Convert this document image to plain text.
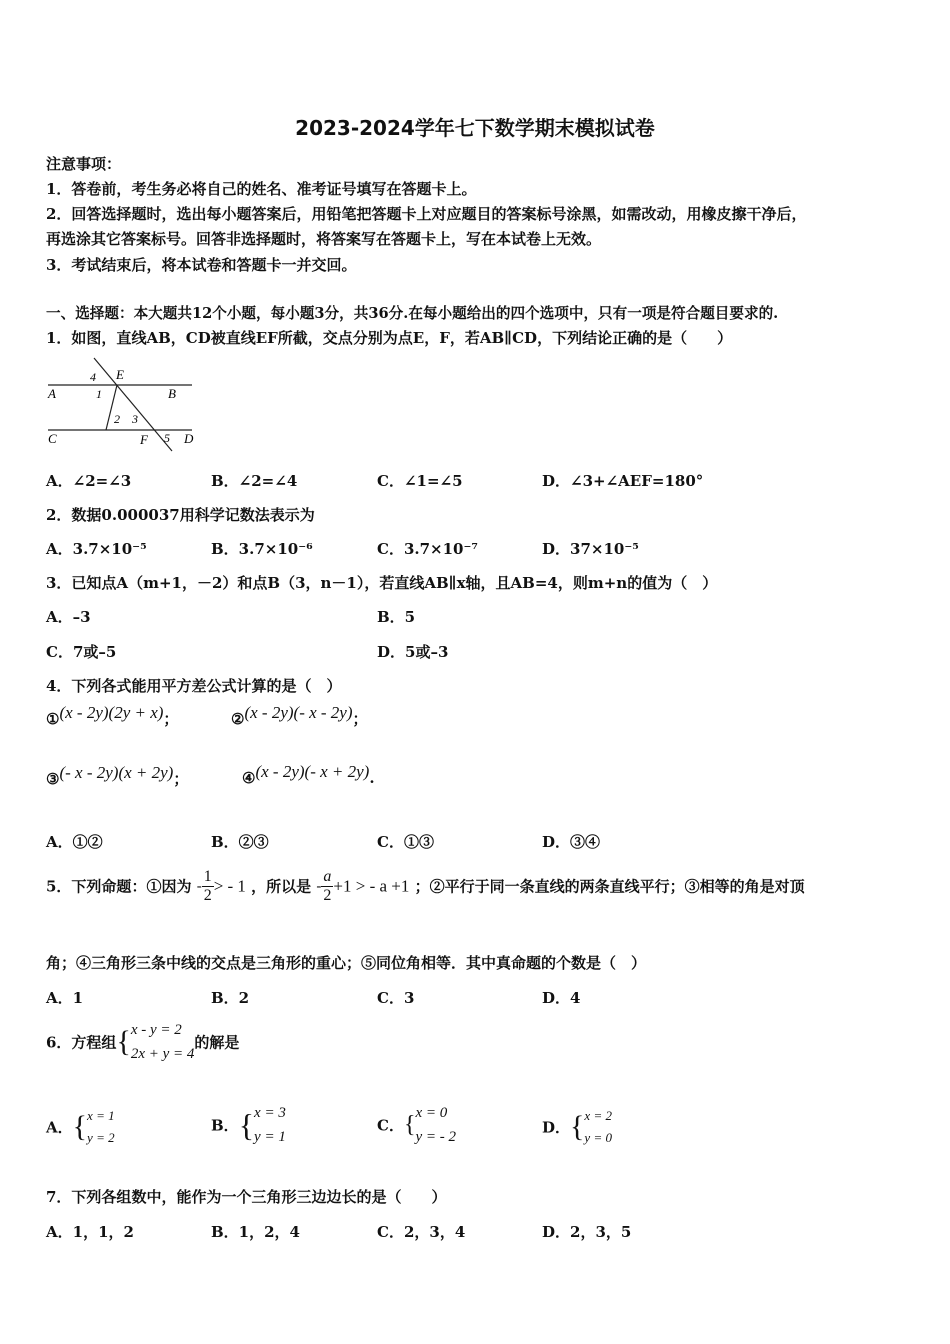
2023-2024学年七下数学期末模拟试卷
注意事项：
1．答卷前，考生务必将自己的姓名、准考证号填写在答题卡上。
2．回答选择题时，选出每小题答案后，用铅笔把答题卡上对应题目的答案标号涂黑，如需改动，用橡皮擦干净后，
再选涂其它答案标号。回答非选择题时，将答案写在答题卡上，写在本试卷上无效。
3．考试结束后，将本试卷和答题卡一并交回。
一、选择题：本大题共12个小题，每小题3分，共36分.在每小题给出的四个选项中，只有一项是符合题目要求的.
1．如图，直线AB，CD被直线EF所截，交点分别为点E，F，若AB∥CD，下列结论正确的是（　　）
A	B
C	D
E
F
1
2 3
4
5
A．∠2=∠3	B．∠2=∠4	C．∠1=∠5	D．∠3+∠AEF=180°
2．数据0.000037用科学记数法表示为
A．3.7×10⁻⁵	B．3.7×10⁻⁶	C．3.7×10⁻⁷	D．37×10⁻⁵
3．已知点A（m+1，－2）和点B（3，n－1），若直线AB∥x轴，且AB=4，则m+n的值为（　）
A．–3	B．5
C．7或–5	D．5或–3
4．下列各式能用平方差公式计算的是（　）
①(x - 2y)(2y + x)；	②(x - 2y)(- x - 2y)；
③(- x - 2y)(x + 2y)；	④(x - 2y)(- x + 2y).
A．①②	B．②③	C．①③	D．③④
5．下列命题：①因为 - $\frac{1}{2}$ > - 1 ，所以是 - $\frac{a}{2} +1$ > - a +1 ；②平行于同一条直线的两条直线平行；③相等的角是对顶
角；④三角形三条中线的交点是三角形的重心；⑤同位角相等．其中真命题的个数是（　）
A．1	B．2	C．3	D．4
6．方程组{ x - y = 2
2x + y = 4
的解是
A．{ x = 1
y = 2
B．{ x = 3
y = 1
C．{ x = 0
y = - 2
D．{ x = 2
y = 0
7．下列各组数中，能作为一个三角形三边边长的是（　　）
A．1，1，2	B．1，2，4	C．2，3，4	D．2，3，5
